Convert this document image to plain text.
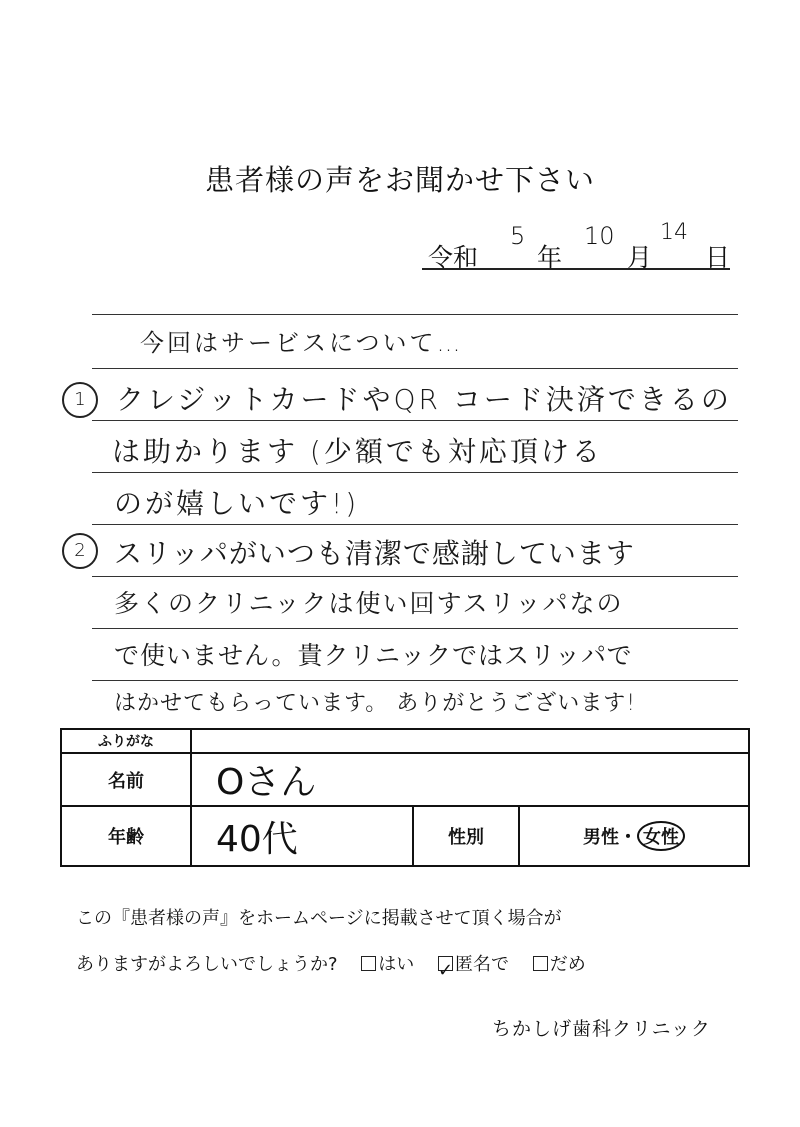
患者様の声をお聞かせ下さい
令和
5
年
10
月
14
日
1
2
今回はサービスについて…
クレジットカードやQR コード決済できるの
は助かります (少額でも対応頂ける
のが嬉しいです!)
スリッパがいつも清潔で感謝しています
多くのクリニックは使い回すスリッパなの
で使いません。貴クリニックではスリッパで
はかせてもらっています。 ありがとうございます!
ふりがな			
名前	Oさん		
年齢	40代	性別	男性・ 女性
この『患者様の声』をホームページに掲載させて頂く場合が
ありますがよろしいでしょうか? はい ✓ 匿名で だめ
ちかしげ歯科クリニック
